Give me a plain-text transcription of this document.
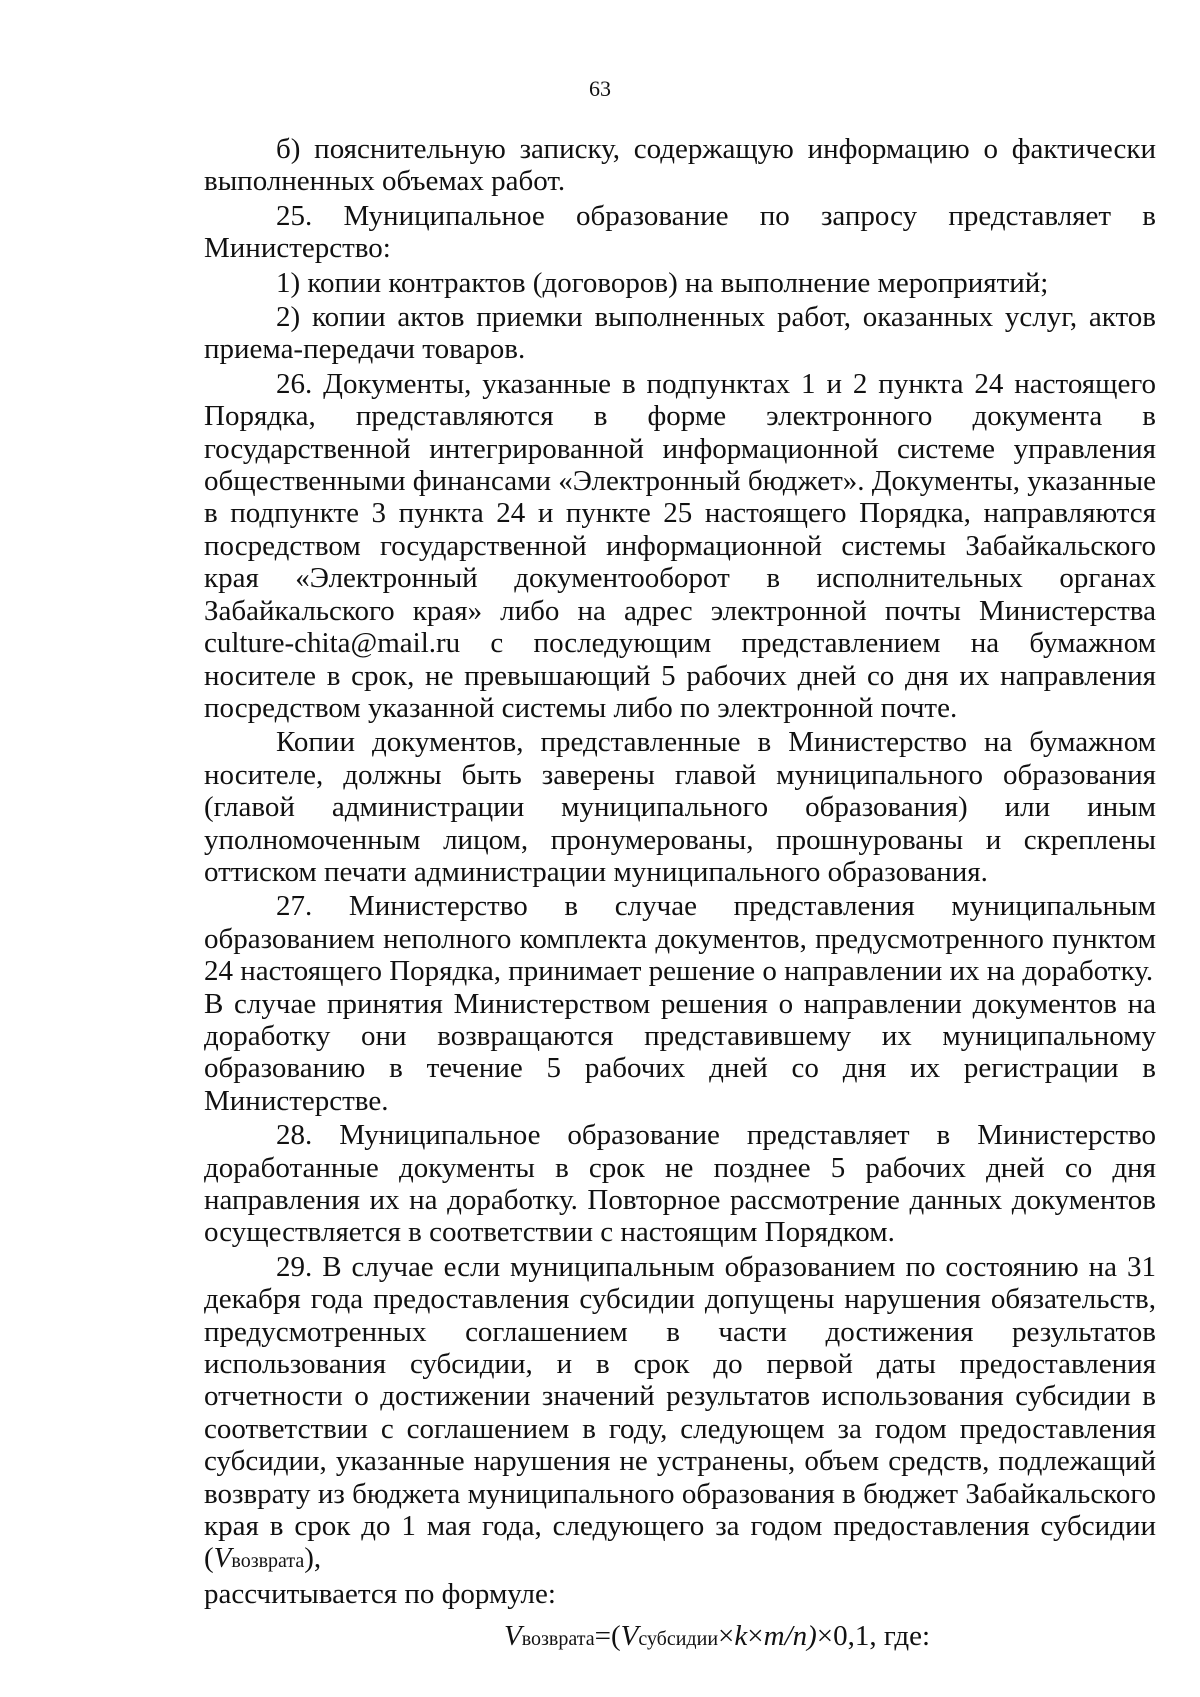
63

б) пояснительную записку, содержащую информацию о фактически выполненных объемах работ.

25. Муниципальное образование по запросу представляет в Министерство:

1) копии контрактов (договоров) на выполнение мероприятий;

2) копии актов приемки выполненных работ, оказанных услуг, актов приема-передачи товаров.

26. Документы, указанные в подпунктах 1 и 2 пункта 24 настоящего Порядка, представляются в форме электронного документа в государственной интегрированной информационной системе управления общественными финансами «Электронный бюджет». Документы, указанные в подпункте 3 пункта 24 и пункте 25 настоящего Порядка, направляются посредством государственной информационной системы Забайкальского края «Электронный документооборот в исполнительных органах Забайкальского края» либо на адрес электронной почты Министерства culture-chita@mail.ru с последующим представлением на бумажном носителе в срок, не превышающий 5 рабочих дней со дня их направления посредством указанной системы либо по электронной почте.

Копии документов, представленные в Министерство на бумажном носителе, должны быть заверены главой муниципального образования (главой администрации муниципального образования) или иным уполномоченным лицом, пронумерованы, прошнурованы и скреплены оттиском печати администрации муниципального образования.

27. Министерство в случае представления муниципальным образованием неполного комплекта документов, предусмотренного пунктом 24 настоящего Порядка, принимает решение о направлении их на доработку.

В случае принятия Министерством решения о направлении документов на доработку они возвращаются представившему их муниципальному образованию в течение 5 рабочих дней со дня их регистрации в Министерстве.

28. Муниципальное образование представляет в Министерство доработанные документы в срок не позднее 5 рабочих дней со дня направления их на доработку. Повторное рассмотрение данных документов осуществляется в соответствии с настоящим Порядком.

29. В случае если муниципальным образованием по состоянию на 31 декабря года предоставления субсидии допущены нарушения обязательств, предусмотренных соглашением в части достижения результатов использования субсидии, и в срок до первой даты предоставления отчетности о достижении значений результатов использования субсидии в соответствии с соглашением в году, следующем за годом предоставления субсидии, указанные нарушения не устранены, объем средств, подлежащий возврату из бюджета муниципального образования в бюджет Забайкальского края в срок до 1 мая года, следующего за годом предоставления субсидии (Vвозврата),
рассчитывается по формуле:

Vвозврата=(Vсубсидии×k×m/n)×0,1, где:
